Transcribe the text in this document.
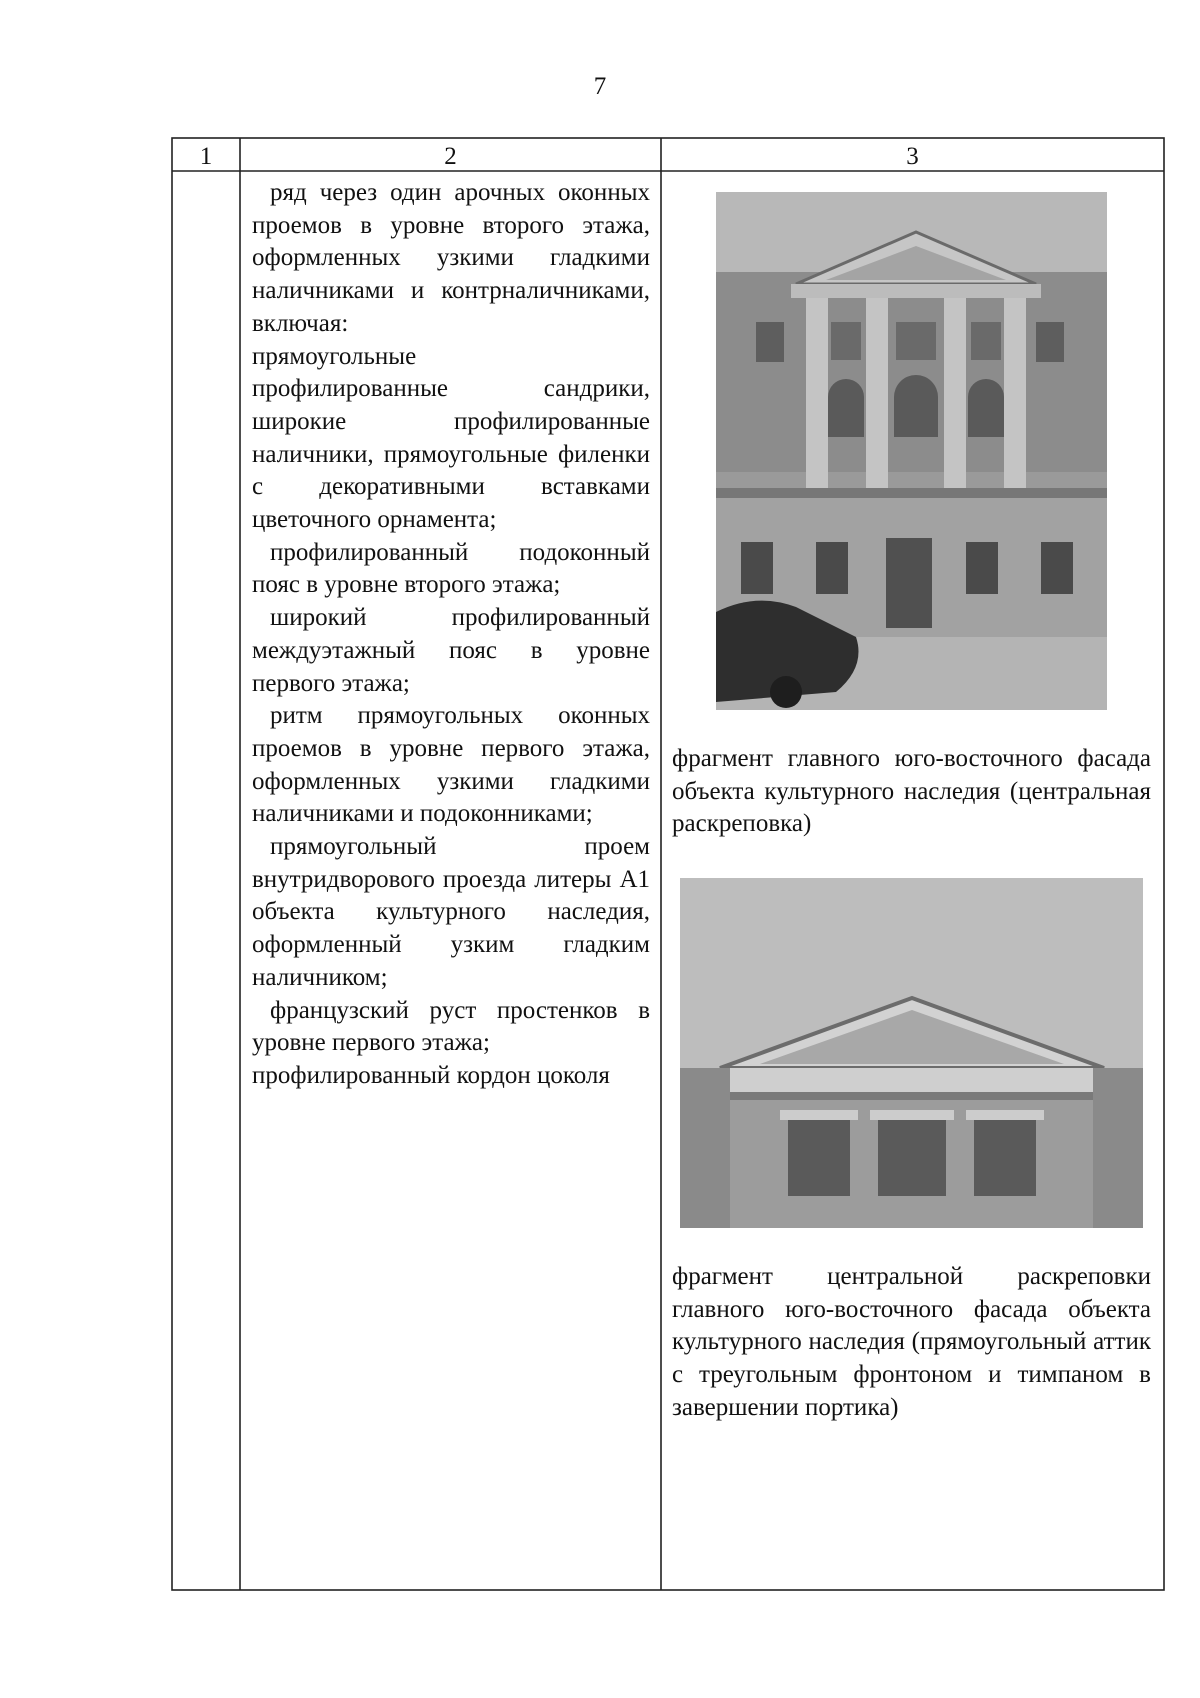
7
1	2	3

ряд через один арочных оконных проемов в уровне второго этажа, оформленных узкими гладкими наличниками и контрналичниками, включая:

прямоугольные

профилированные сандрики, широкие профилированные наличники, прямоугольные филенки с декоративными вставками цветочного орнамента;

профилированный подоконный пояс в уровне второго этажа;

широкий профилированный междуэтажный пояс в уровне первого этажа;

ритм прямоугольных оконных проемов в уровне первого этажа, оформленных узкими гладкими наличниками и подоконниками;

прямоугольный проем внутридворового проезда литеры А1 объекта культурного наследия, оформленный узким гладким наличником;

французский руст простенков в уровне первого этажа;

профилированный кордон цоколя

фрагмент главного юго-восточного фасада объекта культурного наследия (центральная раскреповка)
фрагмент центральной раскреповки главного юго-восточного фасада объекта культурного наследия (прямоугольный аттик с треугольным фронтоном и тимпаном в завершении портика)
